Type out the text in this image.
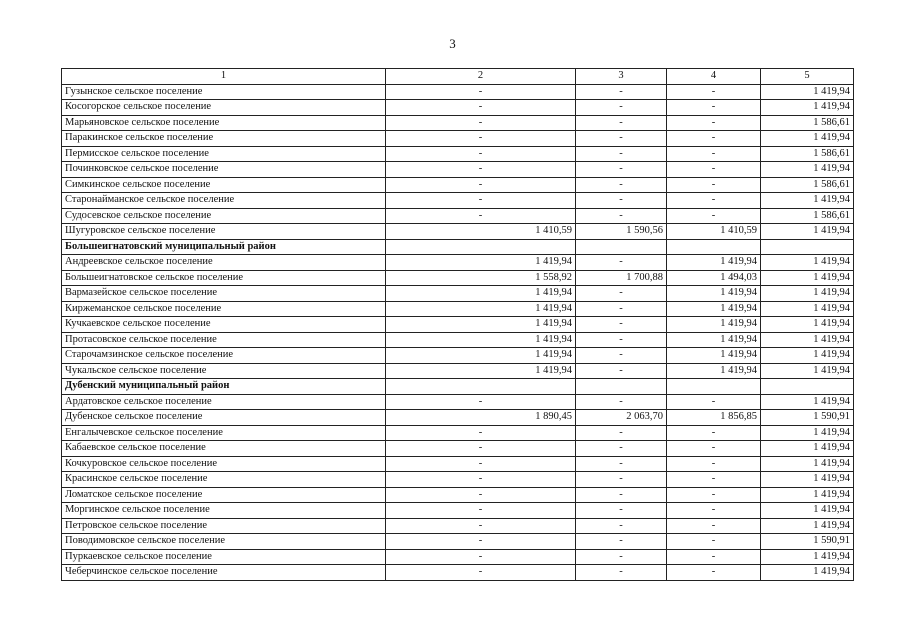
3
1	2	3	4	5
Гузынское сельское поселение	-	-	-	1 419,94
Косогорское сельское поселение	-	-	-	1 419,94
Марьяновское сельское поселение	-	-	-	1 586,61
Паракинское сельское поселение	-	-	-	1 419,94
Пермисское сельское поселение	-	-	-	1 586,61
Починковское сельское поселение	-	-	-	1 419,94
Симкинское сельское поселение	-	-	-	1 586,61
Старонайманское сельское поселение	-	-	-	1 419,94
Судосевское сельское поселение	-	-	-	1 586,61
Шугуровское сельское поселение	1 410,59	1 590,56	1 410,59	1 419,94
Большеигнатовский муниципальный район				
Андреевское сельское поселение	1 419,94	-	1 419,94	1 419,94
Большеигнатовское сельское поселение	1 558,92	1 700,88	1 494,03	1 419,94
Вармазейское сельское поселение	1 419,94	-	1 419,94	1 419,94
Киржеманское сельское поселение	1 419,94	-	1 419,94	1 419,94
Кучкаевское сельское поселение	1 419,94	-	1 419,94	1 419,94
Протасовское сельское поселение	1 419,94	-	1 419,94	1 419,94
Старочамзинское сельское поселение	1 419,94	-	1 419,94	1 419,94
Чукальское сельское поселение	1 419,94	-	1 419,94	1 419,94
Дубенский муниципальный район				
Ардатовское сельское поселение	-	-	-	1 419,94
Дубенское сельское поселение	1 890,45	2 063,70	1 856,85	1 590,91
Енгалычевское сельское поселение	-	-	-	1 419,94
Кабаевское сельское поселение	-	-	-	1 419,94
Кочкуровское сельское поселение	-	-	-	1 419,94
Красинское сельское поселение	-	-	-	1 419,94
Ломатское сельское поселение	-	-	-	1 419,94
Моргинское сельское поселение	-	-	-	1 419,94
Петровское сельское поселение	-	-	-	1 419,94
Поводимовское сельское поселение	-	-	-	1 590,91
Пуркаевское сельское поселение	-	-	-	1 419,94
Чеберчинское сельское поселение	-	-	-	1 419,94
